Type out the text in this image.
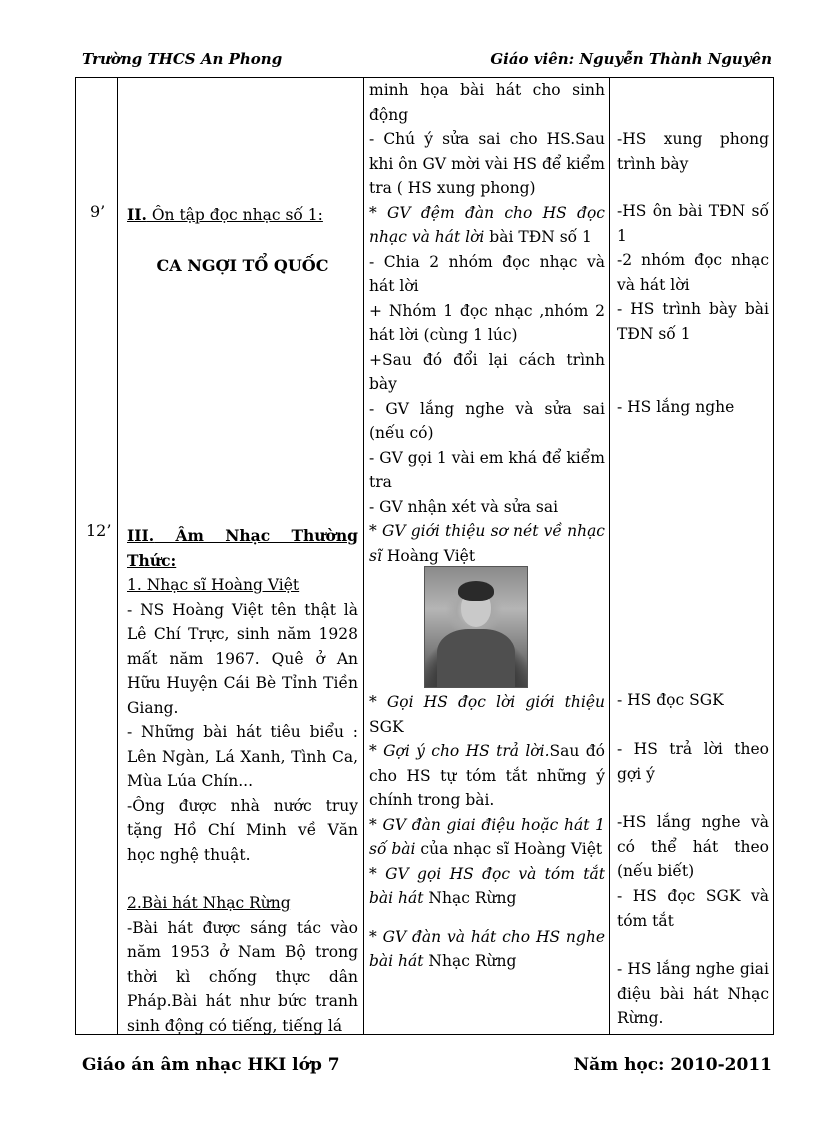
Trường THCS An Phong	Giáo viên: Nguyễn Thành Nguyên
9’
12’
II. Ôn tập đọc nhạc số 1:
CA NGỢI TỔ QUỐC

III. Âm Nhạc Thường Thức:

1. Nhạc sĩ Hoàng Việt

- NS Hoàng Việt tên thật là Lê Chí Trực, sinh năm 1928 mất năm 1967. Quê ở An Hữu Huyện Cái Bè Tỉnh Tiền Giang.

- Những bài hát tiêu biểu : Lên Ngàn, Lá Xanh, Tình Ca, Mùa Lúa Chín...

-Ông được nhà nước truy tặng Hồ Chí Minh về Văn học nghệ thuật.

2.Bài hát Nhạc Rừng

-Bài hát được sáng tác vào năm 1953 ở Nam Bộ trong thời kì chống thực dân Pháp.Bài hát như bức tranh sinh động có tiếng, tiếng lá

minh họa bài hát cho sinh động

- Chú ý sửa sai cho HS.Sau khi ôn GV mời vài HS để kiểm tra ( HS xung phong)

* GV đệm đàn cho HS đọc nhạc và hát lời bài TĐN số 1

- Chia 2 nhóm đọc nhạc và hát lời

+ Nhóm 1 đọc nhạc ,nhóm 2 hát lời (cùng 1 lúc)

+Sau đó đổi lại cách trình bày

- GV lắng nghe và sửa sai (nếu có)

- GV gọi 1 vài em khá để kiểm tra

- GV nhận xét và sửa sai

* GV giới thiệu sơ nét về nhạc sĩ Hoàng Việt

* Gọi HS đọc lời giới thiệu SGK

* Gợi ý cho HS trả lời.Sau đó cho HS tự tóm tắt những ý chính trong bài.

* GV đàn giai điệu hoặc hát 1 số bài của nhạc sĩ Hoàng Việt

* GV gọi HS đọc và tóm tắt bài hát Nhạc Rừng

* GV đàn và hát cho HS nghe bài hát Nhạc Rừng

-HS xung phong trình bày
-HS ôn bài TĐN số 1
-2 nhóm đọc nhạc và hát lời
- HS trình bày bài TĐN số 1
- HS lắng nghe
- HS đọc SGK
- HS trả lời theo gợi ý
-HS lắng nghe và có thể hát theo (nếu biết)
- HS đọc SGK và tóm tắt
- HS lắng nghe giai điệu bài hát Nhạc Rừng.
Giáo án âm nhạc HKI lớp 7	Năm học: 2010-2011
